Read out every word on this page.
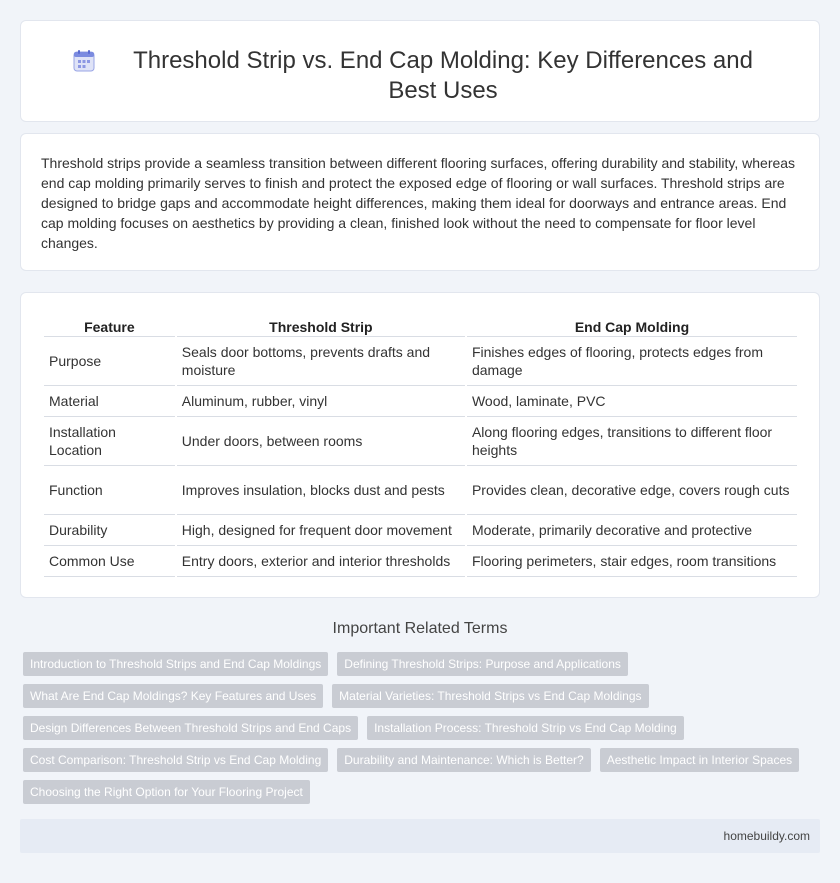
Threshold Strip vs. End Cap Molding: Key Differences and Best Uses

Threshold strips provide a seamless transition between different flooring surfaces, offering durability and stability, whereas end cap molding primarily serves to finish and protect the exposed edge of flooring or wall surfaces. Threshold strips are designed to bridge gaps and accommodate height differences, making them ideal for doorways and entrance areas. End cap molding focuses on aesthetics by providing a clean, finished look without the need to compensate for floor level changes.

Feature	Threshold Strip	End Cap Molding
Purpose	Seals door bottoms, prevents drafts and moisture	Finishes edges of flooring, protects edges from damage
Material	Aluminum, rubber, vinyl	Wood, laminate, PVC
Installation Location	Under doors, between rooms	Along flooring edges, transitions to different floor heights
Function	Improves insulation, blocks dust and pests	Provides clean, decorative edge, covers rough cuts
Durability	High, designed for frequent door movement	Moderate, primarily decorative and protective
Common Use	Entry doors, exterior and interior thresholds	Flooring perimeters, stair edges, room transitions
Important Related Terms
Introduction to Threshold Strips and End Cap Moldings	Defining Threshold Strips: Purpose and Applications
What Are End Cap Moldings? Key Features and Uses	Material Varieties: Threshold Strips vs End Cap Moldings
Design Differences Between Threshold Strips and End Caps	Installation Process: Threshold Strip vs End Cap Molding
Cost Comparison: Threshold Strip vs End Cap Molding	Durability and Maintenance: Which is Better?	Aesthetic Impact in Interior Spaces
Choosing the Right Option for Your Flooring Project
homebuildy.com
